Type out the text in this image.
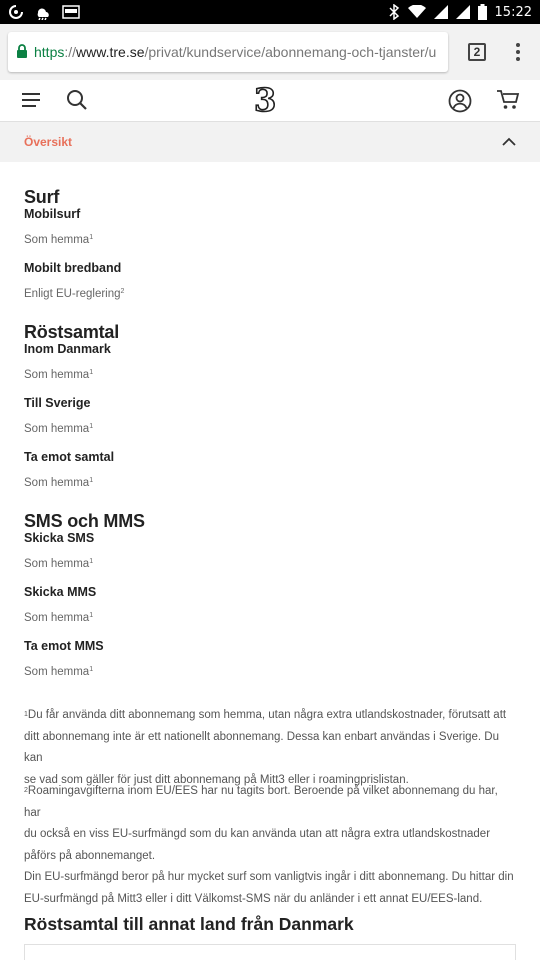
15:22
https :// www.tre.se /privat/kundservice/abonnemang-och-tjanster/u	2
3
Översikt
Surf
Mobilsurf
Som hemma$^1$
Mobilt bredband
Enligt EU-reglering$^2$
Röstsamtal
Inom Danmark
Som hemma$^1$
Till Sverige
Som hemma$^1$
Ta emot samtal
Som hemma$^1$
SMS och MMS
Skicka SMS
Som hemma$^1$
Skicka MMS
Som hemma$^1$
Ta emot MMS
Som hemma$^1$
$^1$Du får använda ditt abonnemang som hemma, utan några extra utlandskostnader, förutsatt att
ditt abonnemang inte är ett nationellt abonnemang. Dessa kan enbart användas i Sverige. Du kan
se vad som gäller för just ditt abonnemang på Mitt3 eller i roamingprislistan.
$^2$Roamingavgifterna inom EU/EES har nu tagits bort. Beroende på vilket abonnemang du har, har
du också en viss EU-surfmängd som du kan använda utan att några extra utlandskostnader
påförs på abonnemanget.
Din EU-surfmängd beror på hur mycket surf som vanligtvis ingår i ditt abonnemang. Du hittar din
EU-surfmängd på Mitt3 eller i ditt Välkomst-SMS när du anländer i ett annat EU/EES-land.
Röstsamtal till annat land från Danmark
